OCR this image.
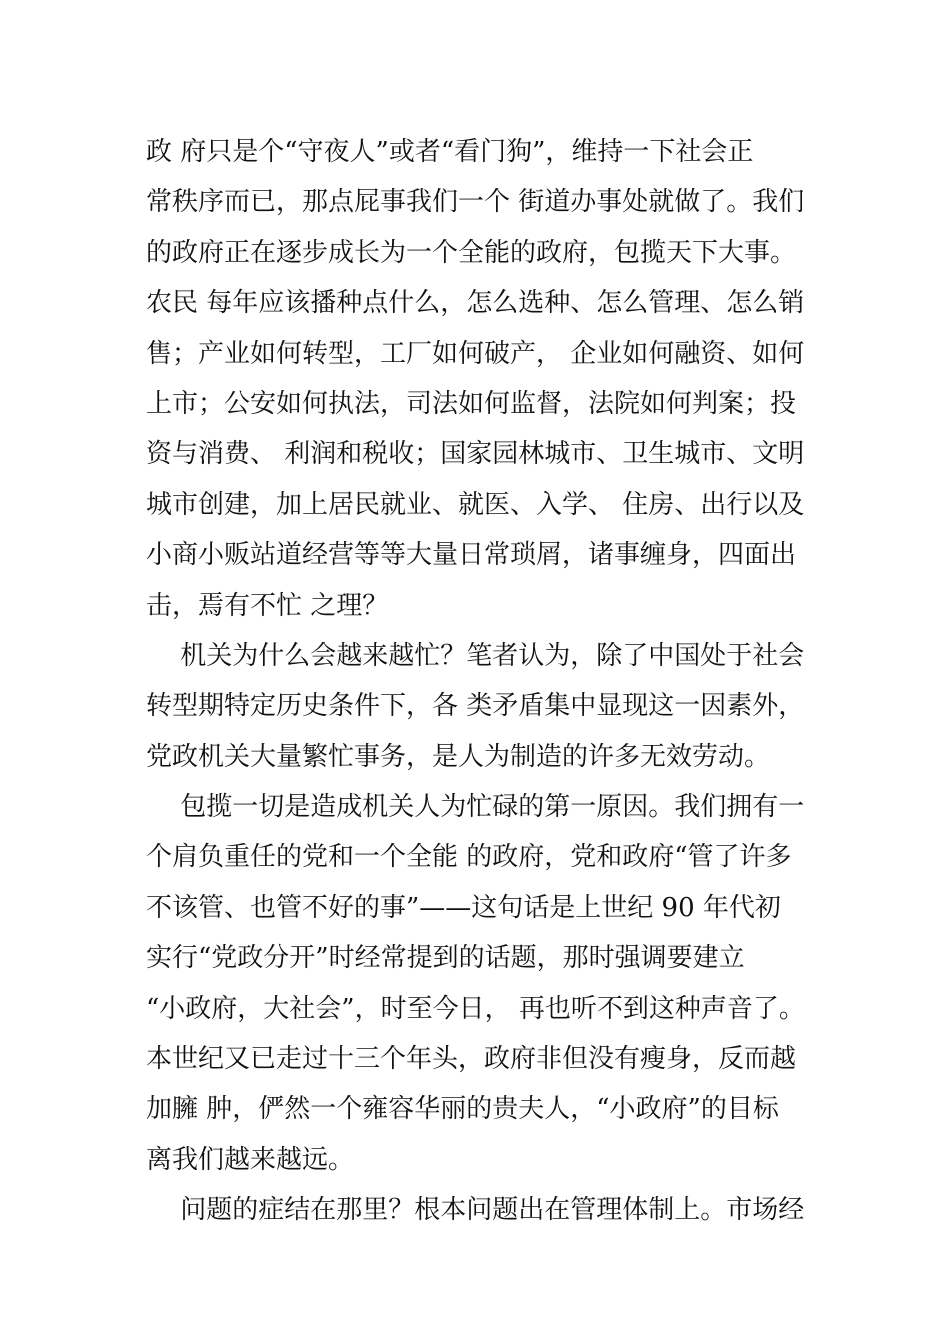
政 府只是个“守夜人”或者“看门狗”，维持一下社会正
常秩序而已，那点屁事我们一个 街道办事处就做了。我们
的政府正在逐步成长为一个全能的政府，包揽天下大事。
农民 每年应该播种点什么，怎么选种、怎么管理、怎么销
售；产业如何转型，工厂如何破产， 企业如何融资、如何
上市；公安如何执法，司法如何监督，法院如何判案；投
资与消费、 利润和税收；国家园林城市、卫生城市、文明
城市创建，加上居民就业、就医、入学、 住房、出行以及
小商小贩站道经营等等大量日常琐屑，诸事缠身，四面出
击，焉有不忙 之理？
　 机关为什么会越来越忙？笔者认为，除了中国处于社会
转型期特定历史条件下，各 类矛盾集中显现这一因素外，
党政机关大量繁忙事务，是人为制造的许多无效劳动。
　 包揽一切是造成机关人为忙碌的第一原因。我们拥有一
个肩负重任的党和一个全能 的政府，党和政府“管了许多
不该管、也管不好的事”——这句话是上世纪 90 年代初
实行“党政分开”时经常提到的话题，那时强调要建立
“小政府，大社会”，时至今日， 再也听不到这种声音了。
本世纪又已走过十三个年头，政府非但没有瘦身，反而越
加臃 肿，俨然一个雍容华丽的贵夫人，“小政府”的目标
离我们越来越远。
　 问题的症结在那里？根本问题出在管理体制上。市场经
